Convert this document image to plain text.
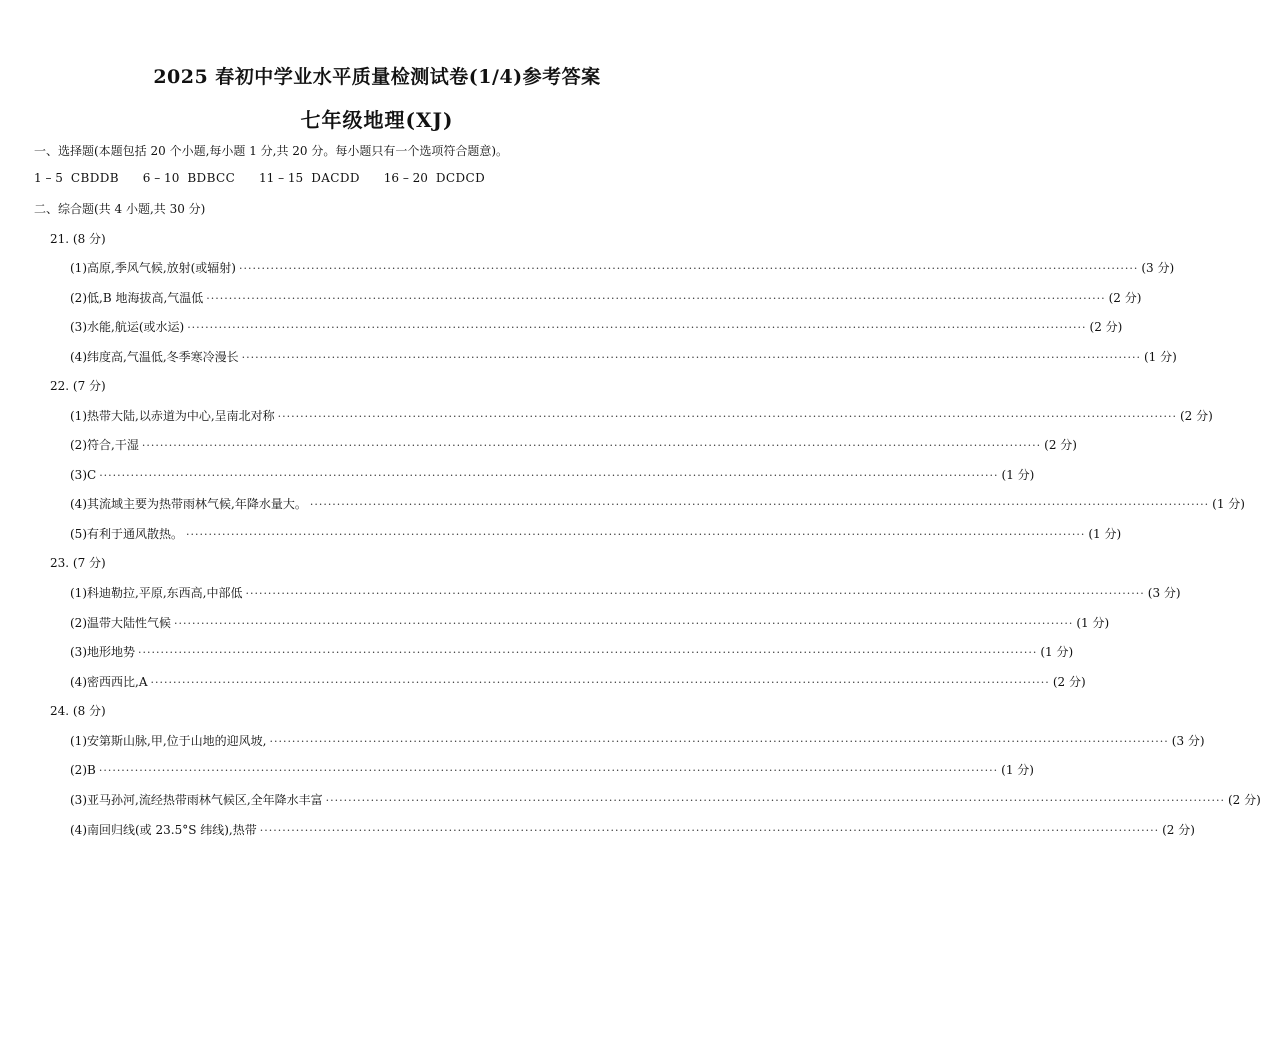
2025 春初中学业水平质量检测试卷(1/4)参考答案
七年级地理(XJ)
一、选择题(本题包括 20 个小题,每小题 1 分,共 20 分。每小题只有一个选项符合题意)。
1 – 5 CBDDB 6 – 10 BDBCC 11 – 15 DACDD 16 – 20 DCDCD
二、综合题(共 4 小题,共 30 分)
21. (8 分)
(1)高原,季风气候,放射(或辐射) ········································································································································································································ (3 分)
(2)低,B 地海拔高,气温低 ········································································································································································································ (2 分)
(3)水能,航运(或水运) ········································································································································································································ (2 分)
(4)纬度高,气温低,冬季寒冷漫长 ········································································································································································································ (1 分)
22. (7 分)
(1)热带大陆,以赤道为中心,呈南北对称 ········································································································································································································ (2 分)
(2)符合,干湿 ········································································································································································································ (2 分)
(3)C ········································································································································································································ (1 分)
(4)其流域主要为热带雨林气候,年降水量大。 ········································································································································································································ (1 分)
(5)有利于通风散热。 ········································································································································································································ (1 分)
23. (7 分)
(1)科迪勒拉,平原,东西高,中部低 ········································································································································································································ (3 分)
(2)温带大陆性气候 ········································································································································································································ (1 分)
(3)地形地势 ········································································································································································································ (1 分)
(4)密西西比,A ········································································································································································································ (2 分)
24. (8 分)
(1)安第斯山脉,甲,位于山地的迎风坡, ········································································································································································································ (3 分)
(2)B ········································································································································································································ (1 分)
(3)亚马孙河,流经热带雨林气候区,全年降水丰富 ········································································································································································································ (2 分)
(4)南回归线(或 23.5°S 纬线),热带 ········································································································································································································ (2 分)
